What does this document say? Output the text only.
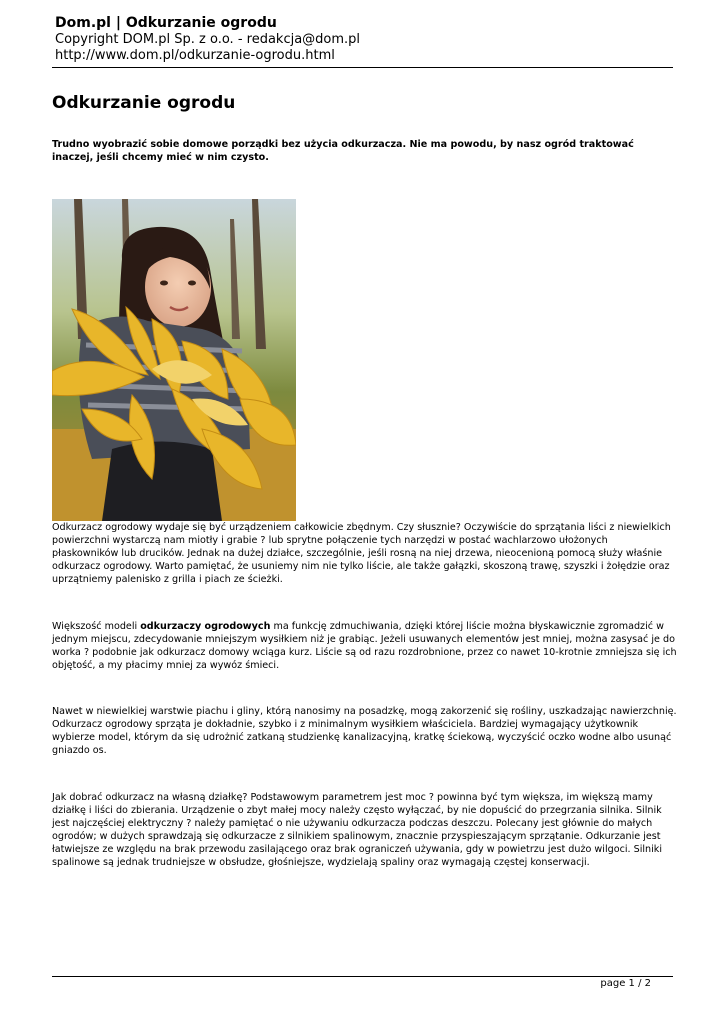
Dom.pl | Odkurzanie ogrodu
Copyright DOM.pl Sp. z o.o. - redakcja@dom.pl
http://www.dom.pl/odkurzanie-ogrodu.html
Odkurzanie ogrodu

Trudno wyobrazić sobie domowe porządki bez użycia odkurzacza. Nie ma powodu, by nasz ogród traktować inaczej, jeśli chcemy mieć w nim czysto.

Odkurzacz ogrodowy wydaje się być urządzeniem całkowicie zbędnym. Czy słusznie? Oczywiście do sprzątania liści z niewielkich powierzchni wystarczą nam miotły i grabie ? lub sprytne połączenie tych narzędzi w postać wachlarzowo ułożonych płaskowników lub drucików. Jednak na dużej działce, szczególnie, jeśli rosną na niej drzewa, nieocenioną pomocą służy właśnie odkurzacz ogrodowy. Warto pamiętać, że usuniemy nim nie tylko liście, ale także gałązki, skoszoną trawę, szyszki i żołędzie oraz uprzątniemy palenisko z grilla i piach ze ścieżki.

Większość modeli odkurzaczy ogrodowych ma funkcję zdmuchiwania, dzięki której liście można błyskawicznie zgromadzić w jednym miejscu, zdecydowanie mniejszym wysiłkiem niż je grabiąc. Jeżeli usuwanych elementów jest mniej, można zasysać je do worka ? podobnie jak odkurzacz domowy wciąga kurz. Liście są od razu rozdrobnione, przez co nawet 10-krotnie zmniejsza się ich objętość, a my płacimy mniej za wywóz śmieci.

Nawet w niewielkiej warstwie piachu i gliny, którą nanosimy na posadzkę, mogą zakorzenić się rośliny, uszkadzając nawierzchnię. Odkurzacz ogrodowy sprząta je dokładnie, szybko i z minimalnym wysiłkiem właściciela. Bardziej wymagający użytkownik wybierze model, którym da się udrożnić zatkaną studzienkę kanalizacyjną, kratkę ściekową, wyczyścić oczko wodne albo usunąć gniazdo os.

Jak dobrać odkurzacz na własną działkę? Podstawowym parametrem jest moc ? powinna być tym większa, im większą mamy działkę i liści do zbierania. Urządzenie o zbyt małej mocy należy często wyłączać, by nie dopuścić do przegrzania silnika. Silnik jest najczęściej elektryczny ? należy pamiętać o nie używaniu odkurzacza podczas deszczu. Polecany jest głównie do małych ogrodów; w dużych sprawdzają się odkurzacze z silnikiem spalinowym, znacznie przyspieszającym sprzątanie. Odkurzanie jest łatwiejsze ze względu na brak przewodu zasilającego oraz brak ograniczeń używania, gdy w powietrzu jest dużo wilgoci. Silniki spalinowe są jednak trudniejsze w obsłudze, głośniejsze, wydzielają spaliny oraz wymagają częstej konserwacji.

page 1 / 2
